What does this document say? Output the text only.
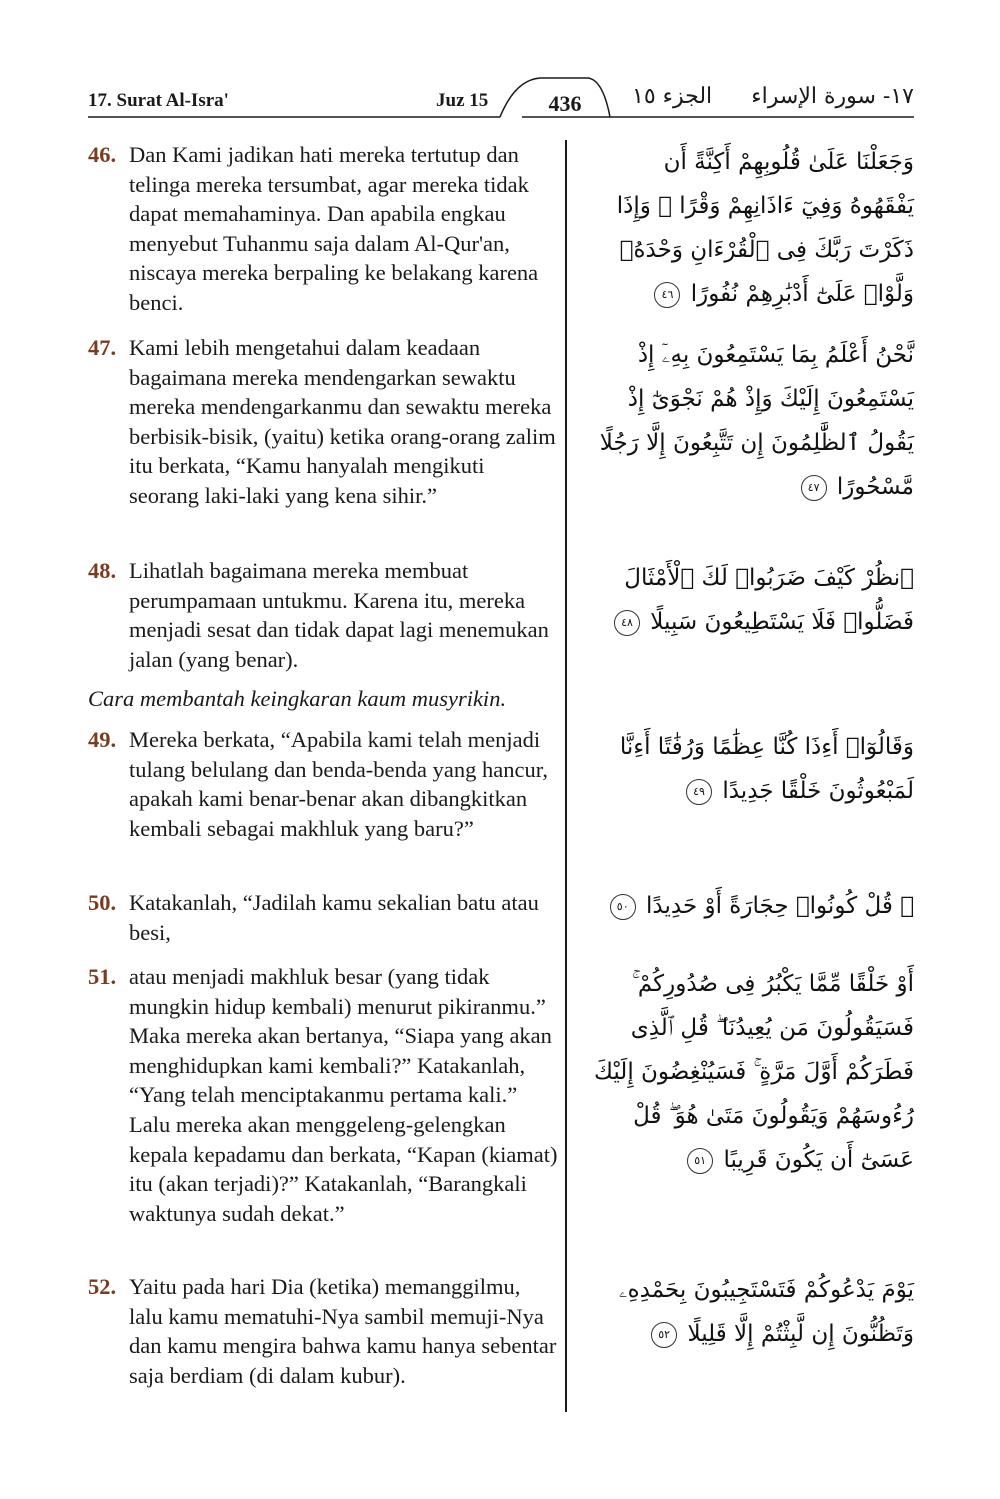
17. Surat Al-Isra'	Juz 15	436	الجزء ١٥ ١٧- سورة الإسراء
46. Dan Kami jadikan hati mereka tertutup dan telinga mereka tersumbat, agar mereka tidak dapat memahaminya. Dan apabila engkau menyebut Tuhanmu saja dalam Al-Qur'an, niscaya mereka berpaling ke belakang karena benci.
وَجَعَلْنَا عَلَىٰ قُلُوبِهِمْ أَكِنَّةً أَن يَفْقَهُوهُ وَفِيٓ ءَاذَانِهِمْ وَقْرًا ۚ وَإِذَا ذَكَرْتَ رَبَّكَ فِى ٱلْقُرْءَانِ وَحْدَهُۥ وَلَّوْا۟ عَلَىٰٓ أَدْبَٰرِهِمْ نُفُورًا ٤٦
47. Kami lebih mengetahui dalam keadaan bagaimana mereka mendengarkan sewaktu mereka mendengarkanmu dan sewaktu mereka berbisik-bisik, (yaitu) ketika orang-orang zalim itu berkata, “Kamu hanyalah mengikuti seorang laki-laki yang kena sihir.”
نَّحْنُ أَعْلَمُ بِمَا يَسْتَمِعُونَ بِهِۦٓ إِذْ يَسْتَمِعُونَ إِلَيْكَ وَإِذْ هُمْ نَجْوَىٰٓ إِذْ يَقُولُ ٱلظَّٰلِمُونَ إِن تَتَّبِعُونَ إِلَّا رَجُلًا مَّسْحُورًا ٤٧
48. Lihatlah bagaimana mereka membuat perumpamaan untukmu. Karena itu, mereka menjadi sesat dan tidak dapat lagi menemukan jalan (yang benar).
ٱنظُرْ كَيْفَ ضَرَبُوا۟ لَكَ ٱلْأَمْثَالَ فَضَلُّوا۟ فَلَا يَسْتَطِيعُونَ سَبِيلًا ٤٨
Cara membantah keingkaran kaum musyrikin.
49. Mereka berkata, “Apabila kami telah menjadi tulang belulang dan benda-benda yang hancur, apakah kami benar-benar akan dibangkitkan kembali sebagai makhluk yang baru?”
وَقَالُوٓا۟ أَءِذَا كُنَّا عِظَٰمًا وَرُفَٰتًا أَءِنَّا لَمَبْعُوثُونَ خَلْقًا جَدِيدًا ٤٩
50. Katakanlah, “Jadilah kamu sekalian batu atau besi,
۞ قُلْ كُونُوا۟ حِجَارَةً أَوْ حَدِيدًا ٥٠
51. atau menjadi makhluk besar (yang tidak mungkin hidup kembali) menurut pikiranmu.” Maka mereka akan bertanya, “Siapa yang akan menghidupkan kami kembali?” Katakanlah, “Yang telah menciptakanmu pertama kali.” Lalu mereka akan menggeleng-gelengkan kepala kepadamu dan berkata, “Kapan (kiamat) itu (akan terjadi)?” Katakanlah, “Barangkali waktunya sudah dekat.”
أَوْ خَلْقًا مِّمَّا يَكْبُرُ فِى صُدُورِكُمْ ۚ فَسَيَقُولُونَ مَن يُعِيدُنَا ۖ قُلِ ٱلَّذِى فَطَرَكُمْ أَوَّلَ مَرَّةٍ ۚ فَسَيُنْغِضُونَ إِلَيْكَ رُءُوسَهُمْ وَيَقُولُونَ مَتَىٰ هُوَ ۖ قُلْ عَسَىٰٓ أَن يَكُونَ قَرِيبًا ٥١
52. Yaitu pada hari Dia (ketika) memanggilmu, lalu kamu mematuhi-Nya sambil memuji-Nya dan kamu mengira bahwa kamu hanya sebentar saja berdiam (di dalam kubur).
يَوْمَ يَدْعُوكُمْ فَتَسْتَجِيبُونَ بِحَمْدِهِۦ وَتَظُنُّونَ إِن لَّبِثْتُمْ إِلَّا قَلِيلًا ٥٢
